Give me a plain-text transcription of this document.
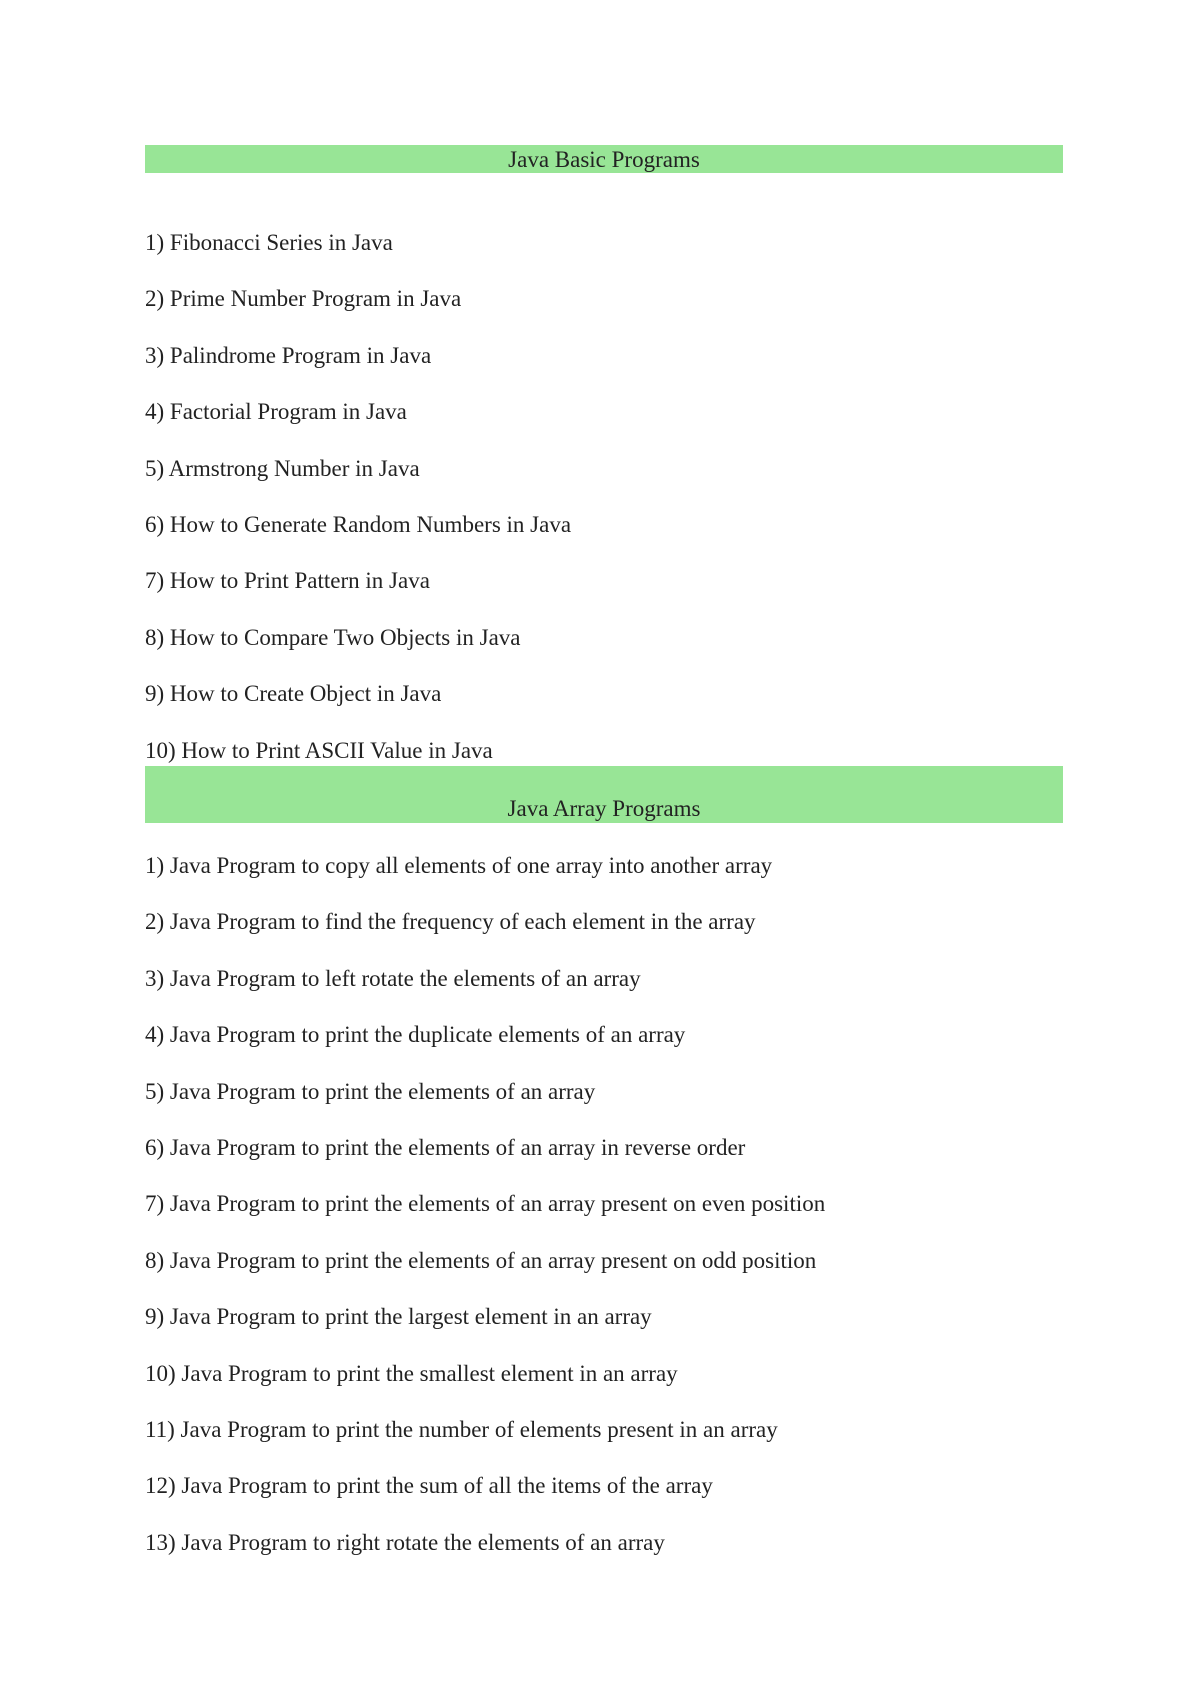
Java Basic Programs
1) Fibonacci Series in Java
2) Prime Number Program in Java
3) Palindrome Program in Java
4) Factorial Program in Java
5) Armstrong Number in Java
6) How to Generate Random Numbers in Java
7) How to Print Pattern in Java
8) How to Compare Two Objects in Java
9) How to Create Object in Java
10) How to Print ASCII Value in Java
Java Array Programs
1) Java Program to copy all elements of one array into another array
2) Java Program to find the frequency of each element in the array
3) Java Program to left rotate the elements of an array
4) Java Program to print the duplicate elements of an array
5) Java Program to print the elements of an array
6) Java Program to print the elements of an array in reverse order
7) Java Program to print the elements of an array present on even position
8) Java Program to print the elements of an array present on odd position
9) Java Program to print the largest element in an array
10) Java Program to print the smallest element in an array
11) Java Program to print the number of elements present in an array
12) Java Program to print the sum of all the items of the array
13) Java Program to right rotate the elements of an array
